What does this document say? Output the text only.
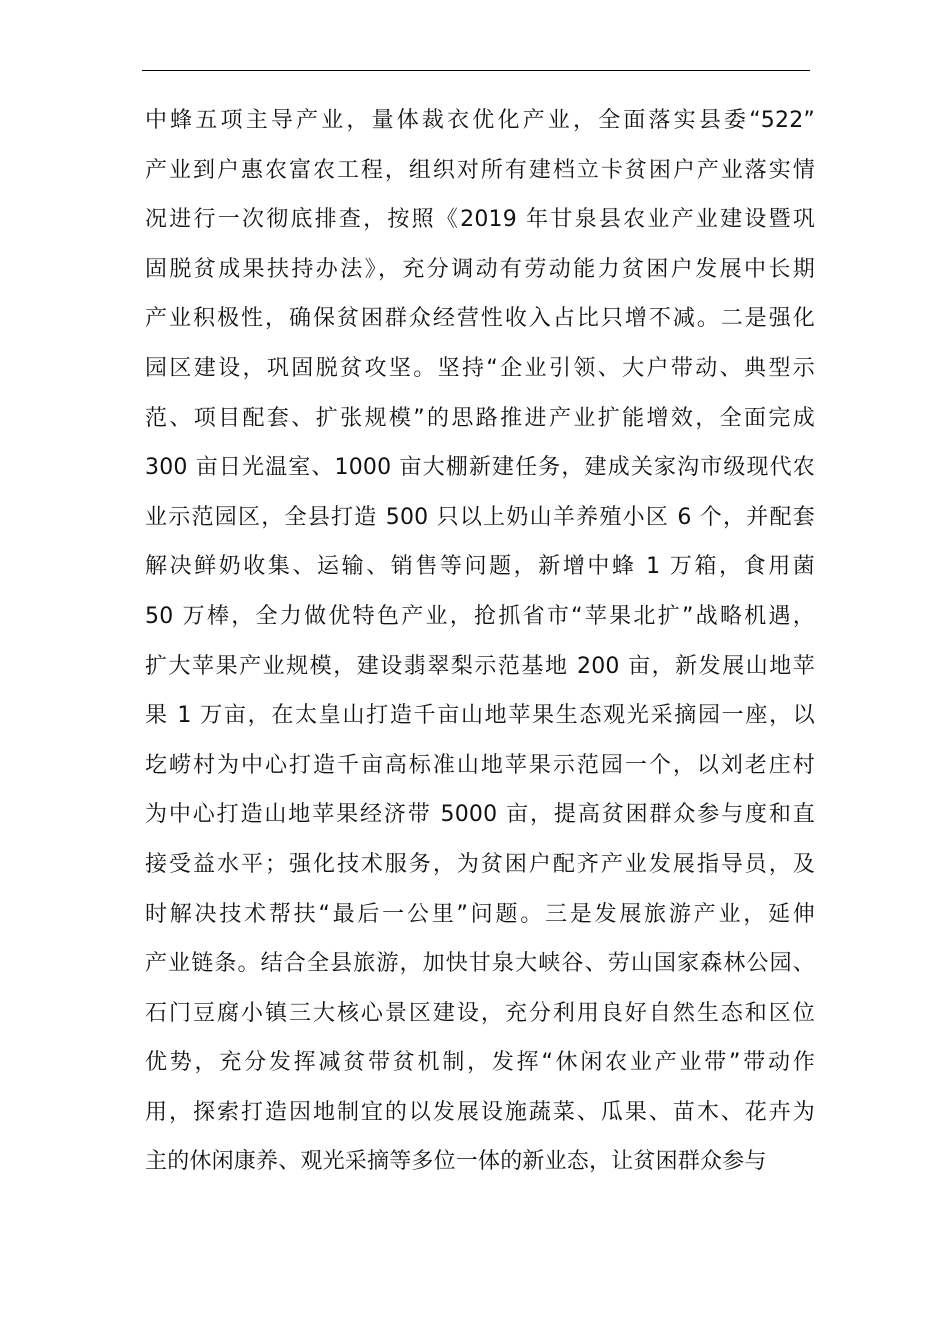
中蜂五项主导产业，量体裁衣优化产业，全面落实县委“522”
产业到户惠农富农工程，组织对所有建档立卡贫困户产业落实情
况进行一次彻底排查，按照《2019 年甘泉县农业产业建设暨巩
固脱贫成果扶持办法》，充分调动有劳动能力贫困户发展中长期
产业积极性，确保贫困群众经营性收入占比只增不减。二是强化
园区建设，巩固脱贫攻坚。坚持“企业引领、大户带动、典型示
范、项目配套、扩张规模”的思路推进产业扩能增效，全面完成
300 亩日光温室、1000 亩大棚新建任务，建成关家沟市级现代农
业示范园区，全县打造 500 只以上奶山羊养殖小区 6 个，并配套
解决鲜奶收集、运输、销售等问题，新增中蜂 1 万箱，食用菌
50 万棒，全力做优特色产业，抢抓省市“苹果北扩”战略机遇，
扩大苹果产业规模，建设翡翠梨示范基地 200 亩，新发展山地苹
果 1 万亩，在太皇山打造千亩山地苹果生态观光采摘园一座，以
圪崂村为中心打造千亩高标准山地苹果示范园一个，以刘老庄村
为中心打造山地苹果经济带 5000 亩，提高贫困群众参与度和直
接受益水平；强化技术服务，为贫困户配齐产业发展指导员，及
时解决技术帮扶“最后一公里”问题。三是发展旅游产业，延伸
产业链条。结合全县旅游，加快甘泉大峡谷、劳山国家森林公园、
石门豆腐小镇三大核心景区建设，充分利用良好自然生态和区位
优势，充分发挥减贫带贫机制，发挥“休闲农业产业带”带动作
用，探索打造因地制宜的以发展设施蔬菜、瓜果、苗木、花卉为
主的休闲康养、观光采摘等多位一体的新业态，让贫困群众参与
